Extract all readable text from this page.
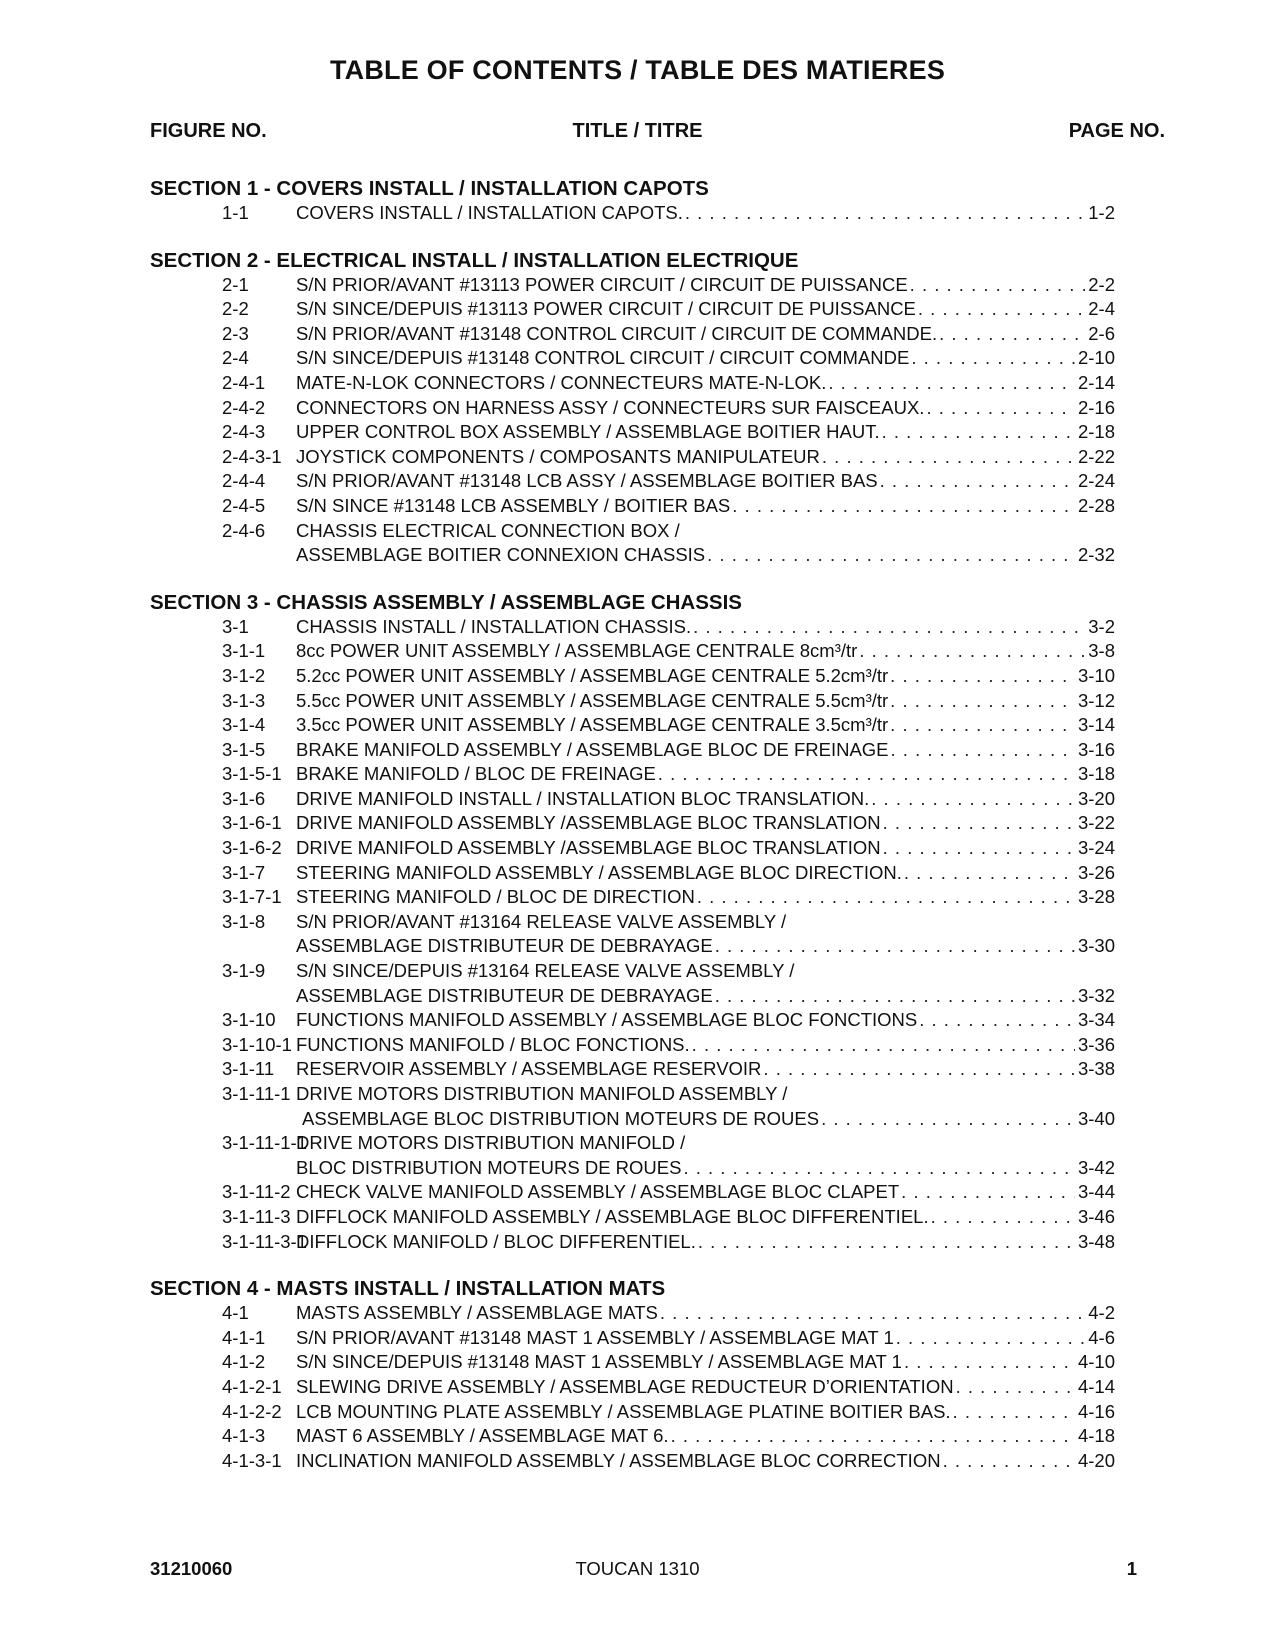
TABLE OF CONTENTS / TABLE DES MATIERES
FIGURE NO.	TITLE / TITRE	PAGE NO.
SECTION 1 - COVERS INSTALL / INSTALLATION CAPOTS
1-1	COVERS INSTALL / INSTALLATION CAPOTS. . . .	1-2
SECTION 2 - ELECTRICAL INSTALL / INSTALLATION ELECTRIQUE
2-1	S/N PRIOR/AVANT #13113 POWER CIRCUIT / CIRCUIT DE PUISSANCE . . .	2-2
2-2	S/N SINCE/DEPUIS #13113 POWER CIRCUIT / CIRCUIT DE PUISSANCE . . .	2-4
2-3	S/N PRIOR/AVANT #13148 CONTROL CIRCUIT / CIRCUIT DE COMMANDE. . . .	2-6
2-4	S/N SINCE/DEPUIS #13148 CONTROL CIRCUIT / CIRCUIT COMMANDE . . .	2-10
2-4-1 MATE-N-LOK CONNECTORS / CONNECTEURS MATE-N-LOK. . . .	2-14
2-4-2 CONNECTORS ON HARNESS ASSY / CONNECTEURS SUR FAISCEAUX. . . .	2-16
2-4-3 UPPER CONTROL BOX ASSEMBLY / ASSEMBLAGE BOITIER HAUT. . . .	2-18
2-4-3-1 JOYSTICK COMPONENTS / COMPOSANTS MANIPULATEUR . . .	2-22
2-4-4 S/N PRIOR/AVANT #13148 LCB ASSY / ASSEMBLAGE BOITIER BAS . . .	2-24
2-4-5 S/N SINCE #13148 LCB ASSEMBLY / BOITIER BAS . . .	2-28
2-4-6 CHASSIS ELECTRICAL CONNECTION BOX /
ASSEMBLAGE BOITIER CONNEXION CHASSIS . . .	2-32
SECTION 3 - CHASSIS ASSEMBLY / ASSEMBLAGE CHASSIS
3-1	CHASSIS INSTALL / INSTALLATION CHASSIS. . . .	3-2
3-1-1 8cc POWER UNIT ASSEMBLY / ASSEMBLAGE CENTRALE 8cm³/tr . . .	3-8
3-1-2 5.2cc POWER UNIT ASSEMBLY / ASSEMBLAGE CENTRALE 5.2cm³/tr . . .	3-10
3-1-3 5.5cc POWER UNIT ASSEMBLY / ASSEMBLAGE CENTRALE 5.5cm³/tr . . .	3-12
3-1-4 3.5cc POWER UNIT ASSEMBLY / ASSEMBLAGE CENTRALE 3.5cm³/tr . . .	3-14
3-1-5 BRAKE MANIFOLD ASSEMBLY / ASSEMBLAGE BLOC DE FREINAGE . . .	3-16
3-1-5-1 BRAKE MANIFOLD / BLOC DE FREINAGE . . .	3-18
3-1-6 DRIVE MANIFOLD INSTALL / INSTALLATION BLOC TRANSLATION. . . .	3-20
3-1-6-1 DRIVE MANIFOLD ASSEMBLY /ASSEMBLAGE BLOC TRANSLATION . . .	3-22
3-1-6-2 DRIVE MANIFOLD ASSEMBLY /ASSEMBLAGE BLOC TRANSLATION . . .	3-24
3-1-7 STEERING MANIFOLD ASSEMBLY / ASSEMBLAGE BLOC DIRECTION. . . .	3-26
3-1-7-1 STEERING MANIFOLD / BLOC DE DIRECTION . . .	3-28
3-1-8 S/N PRIOR/AVANT #13164 RELEASE VALVE ASSEMBLY /
ASSEMBLAGE DISTRIBUTEUR DE DEBRAYAGE . . .	3-30
3-1-9 S/N SINCE/DEPUIS #13164 RELEASE VALVE ASSEMBLY /
ASSEMBLAGE DISTRIBUTEUR DE DEBRAYAGE . . .	3-32
3-1-10 FUNCTIONS MANIFOLD ASSEMBLY / ASSEMBLAGE BLOC FONCTIONS . . .	3-34
3-1-10-1 FUNCTIONS MANIFOLD / BLOC FONCTIONS. . . .	3-36
3-1-11 RESERVOIR ASSEMBLY / ASSEMBLAGE RESERVOIR . . .	3-38
3-1-11-1 DRIVE MOTORS DISTRIBUTION MANIFOLD ASSEMBLY /
ASSEMBLAGE BLOC DISTRIBUTION MOTEURS DE ROUES . . .	3-40
3-1-11-1-1
DRIVE MOTORS DISTRIBUTION MANIFOLD /
BLOC DISTRIBUTION MOTEURS DE ROUES . . .	3-42
3-1-11-2 CHECK VALVE MANIFOLD ASSEMBLY / ASSEMBLAGE BLOC CLAPET . . .	3-44
3-1-11-3 DIFFLOCK MANIFOLD ASSEMBLY / ASSEMBLAGE BLOC DIFFERENTIEL. . . .	3-46
3-1-11-3-1
DIFFLOCK MANIFOLD / BLOC DIFFERENTIEL. . . .	3-48
SECTION 4 - MASTS INSTALL / INSTALLATION MATS
4-1	MASTS ASSEMBLY / ASSEMBLAGE MATS . . .	4-2
4-1-1 S/N PRIOR/AVANT #13148 MAST 1 ASSEMBLY / ASSEMBLAGE MAT 1 . . .	4-6
4-1-2 S/N SINCE/DEPUIS #13148 MAST 1 ASSEMBLY / ASSEMBLAGE MAT 1 . . .	4-10
4-1-2-1 SLEWING DRIVE ASSEMBLY / ASSEMBLAGE REDUCTEUR D’ORIENTATION . . .	4-14
4-1-2-2 LCB MOUNTING PLATE ASSEMBLY / ASSEMBLAGE PLATINE BOITIER BAS. . . .	4-16
4-1-3 MAST 6 ASSEMBLY / ASSEMBLAGE MAT 6. . . .	4-18
4-1-3-1 INCLINATION MANIFOLD ASSEMBLY / ASSEMBLAGE BLOC CORRECTION . . .	4-20
31210060	TOUCAN 1310	1
